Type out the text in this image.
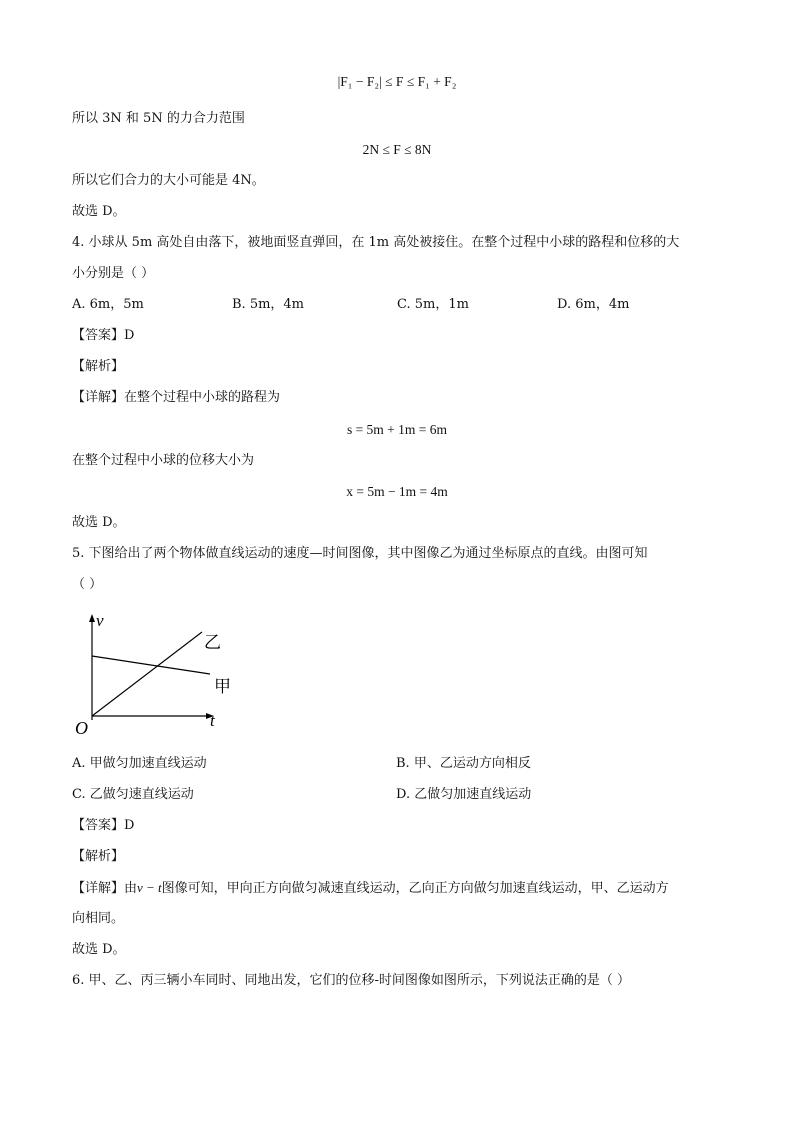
|F₁ − F₂| ≤ F ≤ F₁ + F₂
所以 3N 和 5N 的力合力范围
2N ≤ F ≤ 8N
所以它们合力的大小可能是 4N。
故选 D。
4. 小球从 5m 高处自由落下，被地面竖直弹回，在 1m 高处被接住。在整个过程中小球的路程和位移的大
小分别是（ ）
A. 6m，5m	B. 5m，4m	C. 5m，1m	D. 6m，4m
【答案】D
【解析】
【详解】在整个过程中小球的路程为
s = 5m + 1m = 6m
在整个过程中小球的位移大小为
x = 5m − 1m = 4m
故选 D。
5. 下图给出了两个物体做直线运动的速度—时间图像，其中图像乙为通过坐标原点的直线。由图可知
（ ）
v
t
O
乙
甲
A. 甲做匀加速直线运动	B. 甲、乙运动方向相反
C. 乙做匀速直线运动	D. 乙做匀加速直线运动
【答案】D
【解析】
【详解】由v − t图像可知，甲向正方向做匀减速直线运动，乙向正方向做匀加速直线运动，甲、乙运动方
向相同。
故选 D。
6. 甲、乙、丙三辆小车同时、同地出发，它们的位移-时间图像如图所示，下列说法正确的是（ ）
